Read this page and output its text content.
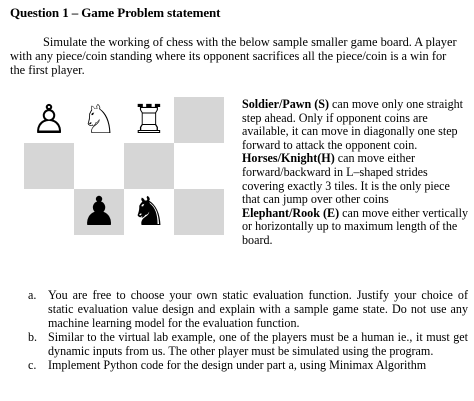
Question 1 – Game Problem statement
Simulate the working of chess with the below sample smaller game board. A player with any piece/coin standing where its opponent sacrifices all the piece/coin is a win for the first player.
♙ ♘ ♖
♟ ♞
Soldier/Pawn (S) can move only one straight step ahead. Only if opponent coins are available, it can move in diagonally one step forward to attack the opponent coin.
Horses/Knight(H) can move either forward/backward in L–shaped strides covering exactly 3 tiles. It is the only piece that can jump over other coins
Elephant/Rook (E) can move either vertically or horizontally up to maximum length of the board.
a. You are free to choose your own static evaluation function. Justify your choice of static evaluation value design and explain with a sample game state. Do not use any machine learning model for the evaluation function.
b. Similar to the virtual lab example, one of the players must be a human ie., it must get dynamic inputs from us. The other player must be simulated using the program.
c. Implement Python code for the design under part a, using Minimax Algorithm
